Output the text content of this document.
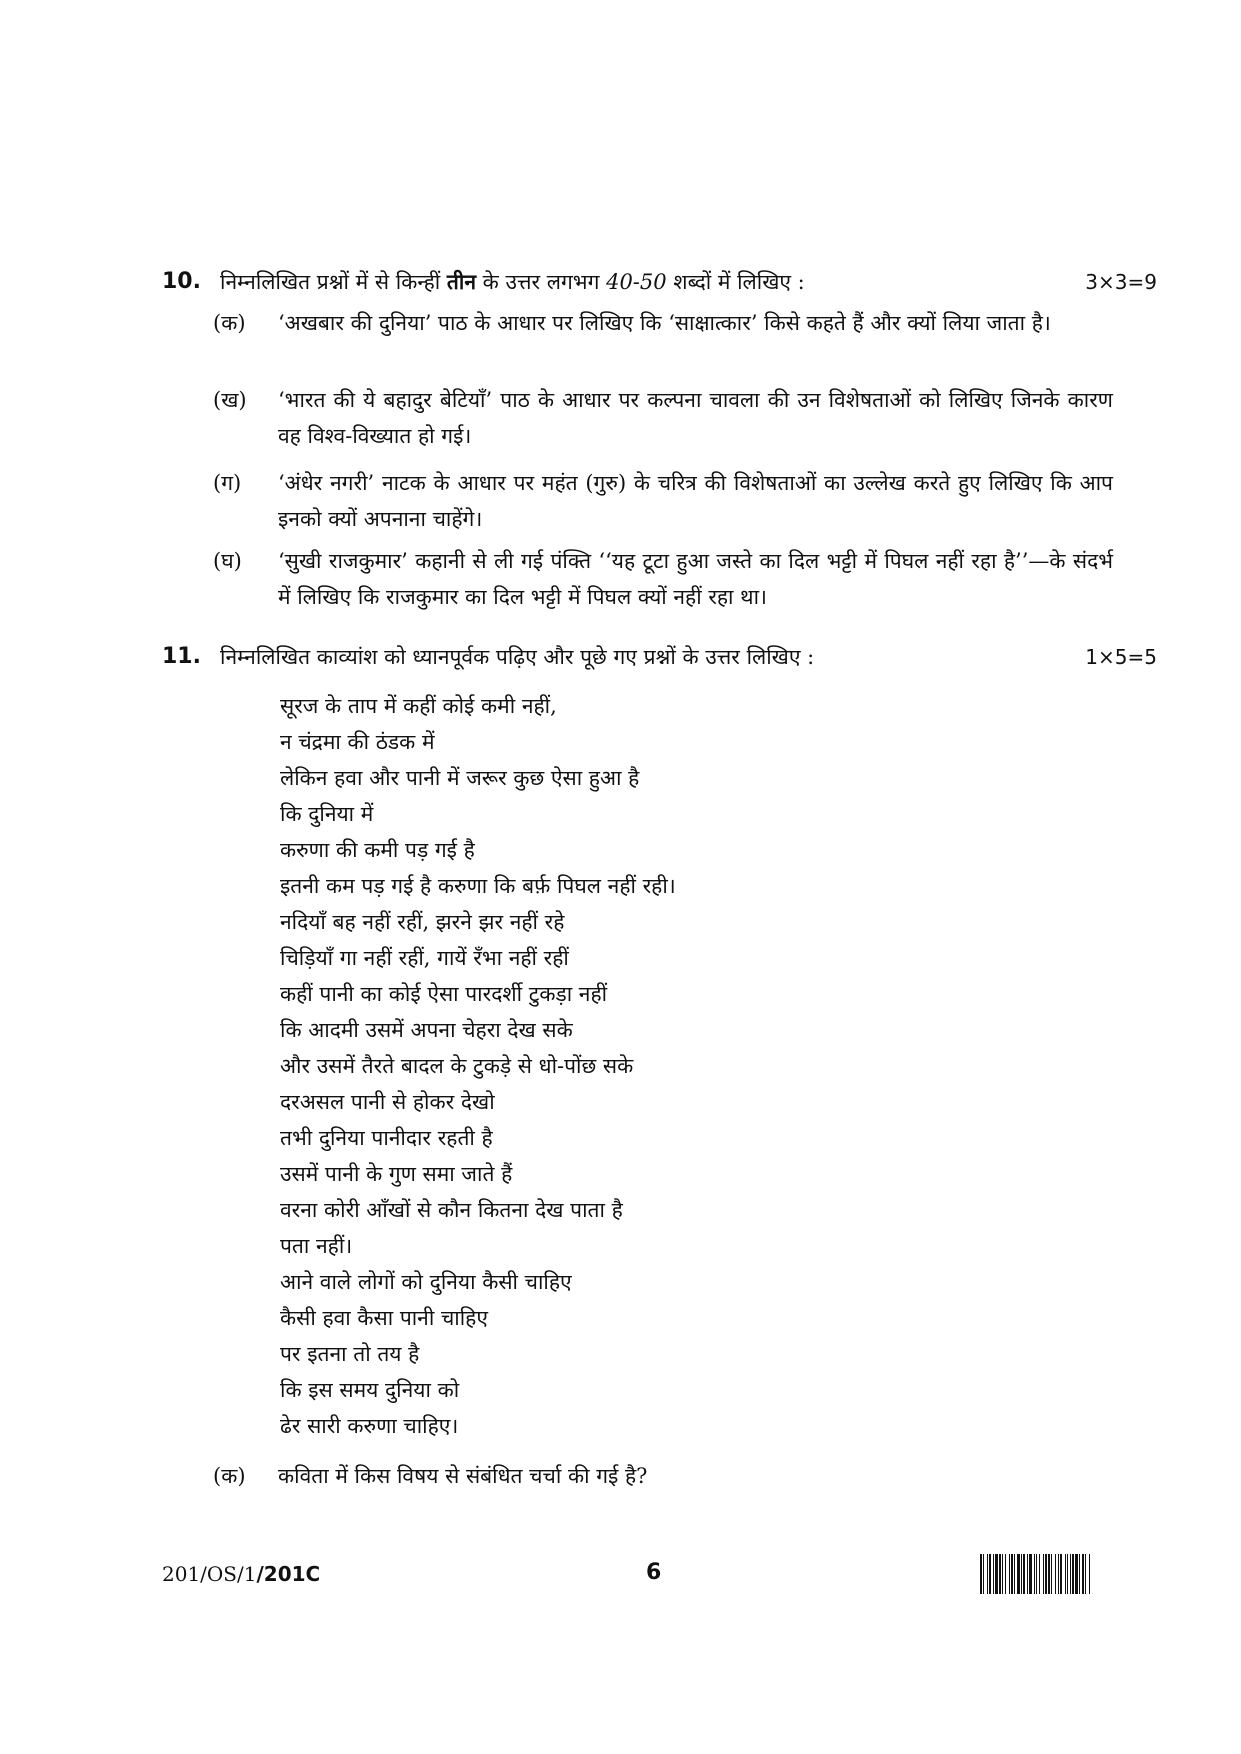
10. निम्नलिखित प्रश्नों में से किन्हीं तीन के उत्तर लगभग 40-50 शब्दों में लिखिए :	3×3=9
(क) ‘अखबार की दुनिया’ पाठ के आधार पर लिखिए कि ‘साक्षात्कार’ किसे कहते हैं और क्यों लिया जाता है।
(ख) ‘भारत की ये बहादुर बेटियाँ’ पाठ के आधार पर कल्पना चावला की उन विशेषताओं को लिखिए जिनके कारण वह विश्व-विख्यात हो गई।
(ग) ‘अंधेर नगरी’ नाटक के आधार पर महंत (गुरु) के चरित्र की विशेषताओं का उल्लेख करते हुए लिखिए कि आप इनको क्यों अपनाना चाहेंगे।
(घ) ‘सुखी राजकुमार’ कहानी से ली गई पंक्ति ‘‘यह टूटा हुआ जस्ते का दिल भट्टी में पिघल नहीं रहा है’’—के संदर्भ में लिखिए कि राजकुमार का दिल भट्टी में पिघल क्यों नहीं रहा था।
11. निम्नलिखित काव्यांश को ध्यानपूर्वक पढ़िए और पूछे गए प्रश्नों के उत्तर लिखिए :	1×5=5
सूरज के ताप में कहीं कोई कमी नहीं,
न चंद्रमा की ठंडक में
लेकिन हवा और पानी में जरूर कुछ ऐसा हुआ है
कि दुनिया में
करुणा की कमी पड़ गई है
इतनी कम पड़ गई है करुणा कि बर्फ़ पिघल नहीं रही।
नदियाँ बह नहीं रहीं, झरने झर नहीं रहे
चिड़ियाँ गा नहीं रहीं, गायें रँभा नहीं रहीं
कहीं पानी का कोई ऐसा पारदर्शी टुकड़ा नहीं
कि आदमी उसमें अपना चेहरा देख सके
और उसमें तैरते बादल के टुकड़े से धो-पोंछ सके
दरअसल पानी से होकर देखो
तभी दुनिया पानीदार रहती है
उसमें पानी के गुण समा जाते हैं
वरना कोरी आँखों से कौन कितना देख पाता है
पता नहीं।
आने वाले लोगों को दुनिया कैसी चाहिए
कैसी हवा कैसा पानी चाहिए
पर इतना तो तय है
कि इस समय दुनिया को
ढेर सारी करुणा चाहिए।
(क) कविता में किस विषय से संबंधित चर्चा की गई है?
201/OS/1/201C	6
